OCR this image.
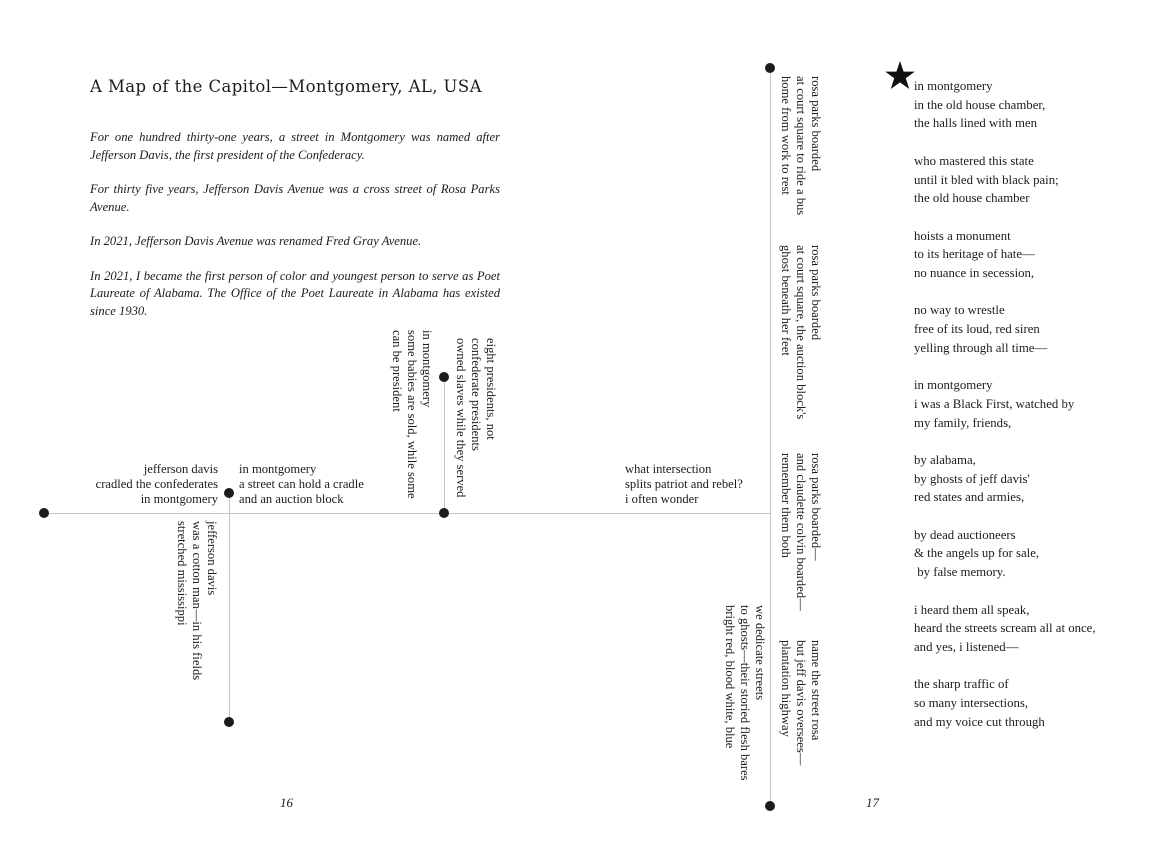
A Map of the Capitol—Montgomery, AL, USA

For one hundred thirty-one years, a street in Montgomery was named after Jefferson Davis, the first president of the Confederacy.

For thirty five years, Jefferson Davis Avenue was a cross street of Rosa Parks Avenue.

In 2021, Jefferson Davis Avenue was renamed Fred Gray Avenue.

In 2021, I became the first person of color and youngest person to serve as Poet Laureate of Alabama. The Office of the Poet Laureate in Alabama has existed since 1930.

jefferson davis
cradled the confederates
in montgomery
in montgomery
a street can hold a cradle
and an auction block
what intersection
splits patriot and rebel?
i often wonder
jefferson davis
was a cotton man—in his fields
stretched mississippi
in montgomery
some babies are sold, while some
can be president	eight presidents, not
confederate presidents
owned slaves while they served
rosa parks boarded
at court square to ride a bus
home from work to rest
rosa parks boarded
at court square, the auction block's
ghost beneath her feet
rosa parks boarded—
and claudette colvin boarded—
remember them both
name the street rosa
but jeff davis oversees—
plantation highway
we dedicate streets
to ghosts—their storied flesh bares
bright red, blood white, blue
16	17
in montgomery
in the old house chamber,
the halls lined with men
who mastered this state
until it bled with black pain;
the old house chamber
hoists a monument
to its heritage of hate—
no nuance in secession,
no way to wrestle
free of its loud, red siren
yelling through all time—
in montgomery
i was a Black First, watched by
my family, friends,
by alabama,
by ghosts of jeff davis'
red states and armies,
by dead auctioneers
& the angels up for sale,
by false memory.
i heard them all speak,
heard the streets scream all at once,
and yes, i listened—
the sharp traffic of
so many intersections,
and my voice cut through
